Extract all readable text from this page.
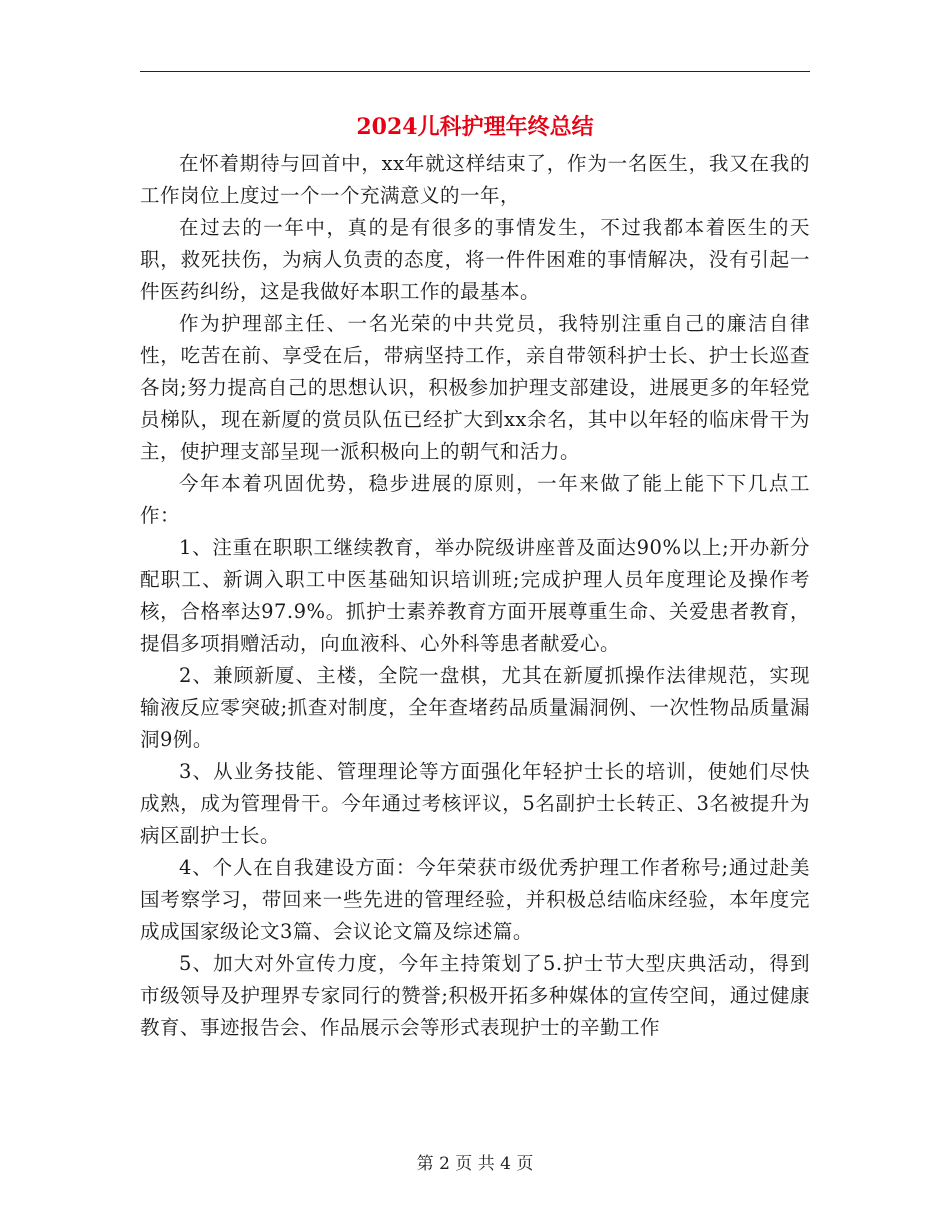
2024儿科护理年终总结

在怀着期待与回首中，xx年就这样结束了，作为一名医生，我又在我的工作岗位上度过一个一个充满意义的一年，

在过去的一年中，真的是有很多的事情发生，不过我都本着医生的天职，救死扶伤，为病人负责的态度，将一件件困难的事情解决，没有引起一件医药纠纷，这是我做好本职工作的最基本。

作为护理部主任、一名光荣的中共党员，我特别注重自己的廉洁自律性，吃苦在前、享受在后，带病坚持工作，亲自带领科护士长、护士长巡查各岗;努力提高自己的思想认识，积极参加护理支部建设，进展更多的年轻党员梯队，现在新厦的赏员队伍已经扩大到xx余名，其中以年轻的临床骨干为主，使护理支部呈现一派积极向上的朝气和活力。

今年本着巩固优势，稳步进展的原则，一年来做了能上能下下几点工作：

1、注重在职职工继续教育，举办院级讲座普及面达90%以上;开办新分配职工、新调入职工中医基础知识培训班;完成护理人员年度理论及操作考核，合格率达97.9%。抓护士素养教育方面开展尊重生命、关爱患者教育，提倡多项捐赠活动，向血液科、心外科等患者献爱心。

2、兼顾新厦、主楼，全院一盘棋，尤其在新厦抓操作法律规范，实现输液反应零突破;抓查对制度，全年查堵药品质量漏洞例、一次性物品质量漏洞9例。

3、从业务技能、管理理论等方面强化年轻护士长的培训，使她们尽快成熟，成为管理骨干。今年通过考核评议，5名副护士长转正、3名被提升为病区副护士长。

4、个人在自我建设方面：今年荣获市级优秀护理工作者称号;通过赴美国考察学习，带回来一些先进的管理经验，并积极总结临床经验，本年度完成成国家级论文3篇、会议论文篇及综述篇。

5、加大对外宣传力度，今年主持策划了5.护士节大型庆典活动，得到市级领导及护理界专家同行的赞誉;积极开拓多种媒体的宣传空间，通过健康教育、事迹报告会、作品展示会等形式表现护士的辛勤工作

第 2 页 共 4 页
